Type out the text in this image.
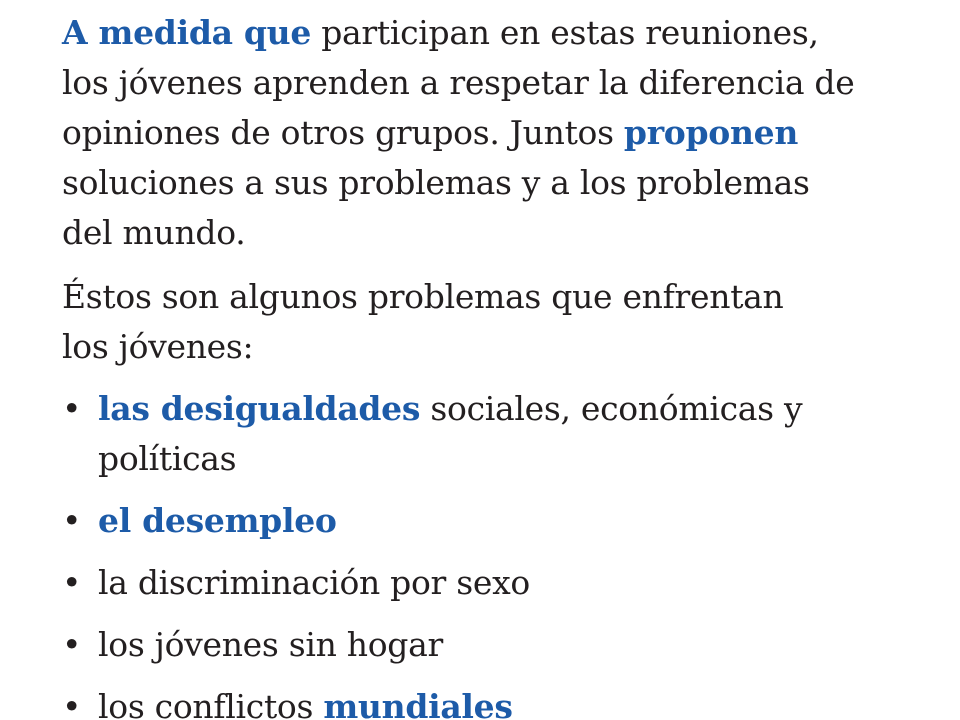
A medida que participan en estas reuniones,
los jóvenes aprenden a respetar la diferencia de
opiniones de otros grupos. Juntos proponen
soluciones a sus problemas y a los problemas
del mundo.

Éstos son algunos problemas que enfrentan
los jóvenes:

• las desigualdades sociales, económicas y
políticas
• el desempleo
• la discriminación por sexo
• los jóvenes sin hogar
• los conflictos mundiales
